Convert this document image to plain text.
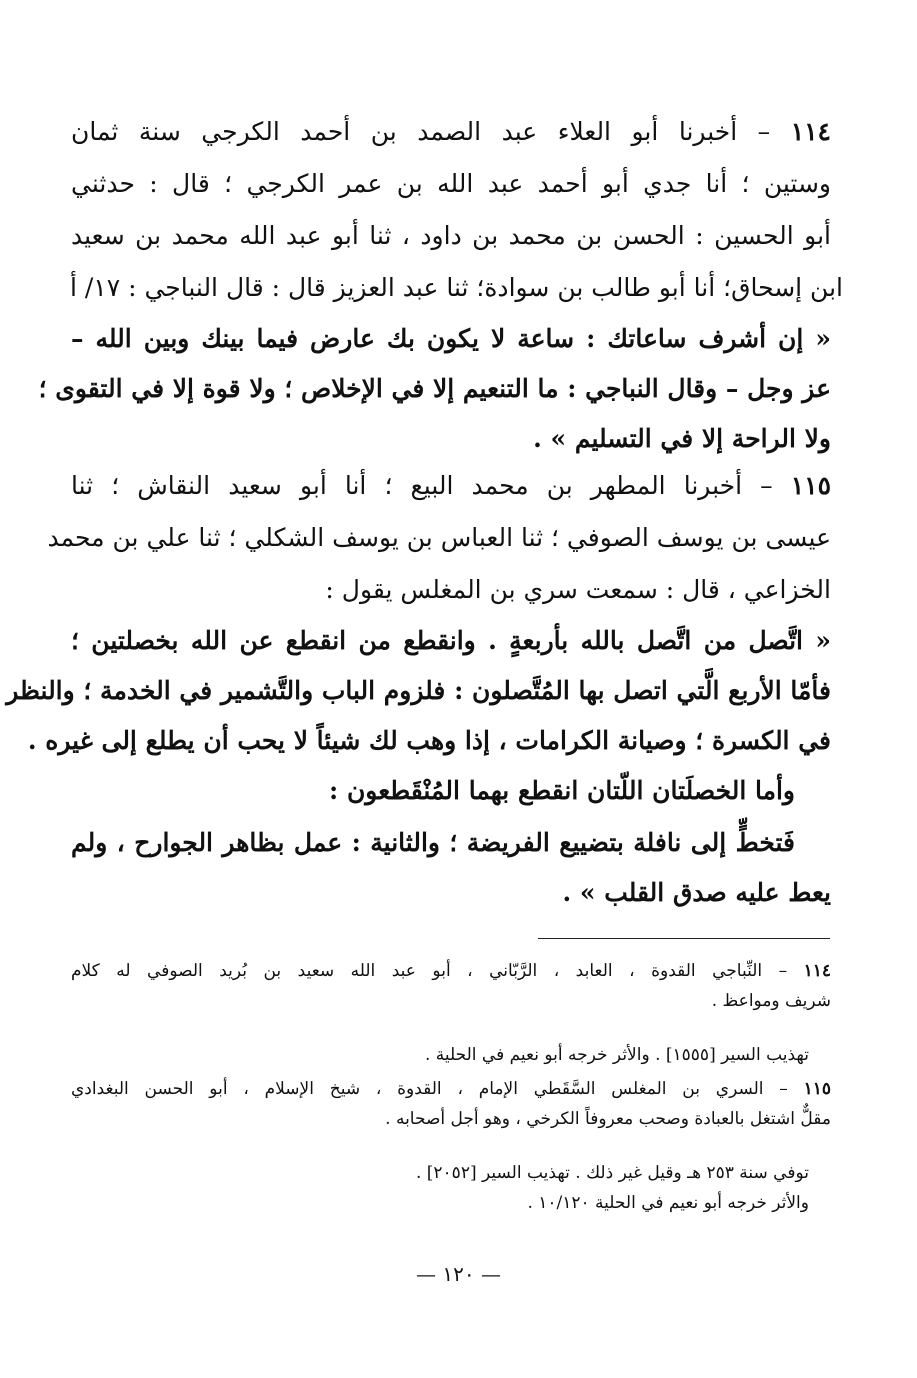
١١٤ – أخبرنا أبو العلاء عبد الصمد بن أحمد الكرجي سنة ثمان
وستين ؛ أنا جدي أبو أحمد عبد الله بن عمر الكرجي ؛ قال : حدثني
أبو الحسين : الحسن بن محمد بن داود ، ثنا أبو عبد الله محمد بن سعيد
ابن إسحاق؛ أنا أبو طالب بن سوادة؛ ثنا عبد العزيز قال : قال النباجي : ١٧/ أ
« إن أشرف ساعاتك : ساعة لا يكون بك عارض فيما بينك وبين الله –
عز وجل – وقال النباجي : ما التنعيم إلا في الإخلاص ؛ ولا قوة إلا في التقوى ؛
ولا الراحة إلا في التسليم » .
١١٥ – أخبرنا المطهر بن محمد البيع ؛ أنا أبو سعيد النقاش ؛ ثنا
عيسى بن يوسف الصوفي ؛ ثنا العباس بن يوسف الشكلي ؛ ثنا علي بن محمد
الخزاعي ، قال : سمعت سري بن المغلس يقول :
« اتَّصل من اتَّصل بالله بأربعةٍ . وانقطع من انقطع عن الله بخصلتين ؛
فأمّا الأربع الَّتي اتصل بها المُتَّصلون : فلزوم الباب والتَّشمير في الخدمة ؛ والنظر
في الكسرة ؛ وصيانة الكرامات ، إذا وهب لك شيئاً لا يحب أن يطلع إلى غيره .
وأما الخصلَتان اللّتان انقطع بهما المُنْقَطعون :
فَتخطٍّ إلى نافلة بتضييع الفريضة ؛ والثانية : عمل بظاهر الجوارح ، ولم
يعط عليه صدق القلب » .
١١٤ – النِّباجي القدوة ، العابد ، الرَّبّاني ، أبو عبد الله سعيد بن بُريد الصوفي له كلام
شريف ومواعظ .
تهذيب السير [١٥٥٥] . والأثر خرجه أبو نعيم في الحلية .
١١٥ – السري بن المغلس السَّقَطي الإمام ، القدوة ، شيخ الإسلام ، أبو الحسن البغدادي
مقلٌّ اشتغل بالعبادة وصحب معروفاً الكرخي ، وهو أجل أصحابه .
توفي سنة ٢٥٣ هـ وقيل غير ذلك . تهذيب السير [٢٠٥٢] .
والأثر خرجه أبو نعيم في الحلية ١٠/١٢٠ .
— ١٢٠ —
